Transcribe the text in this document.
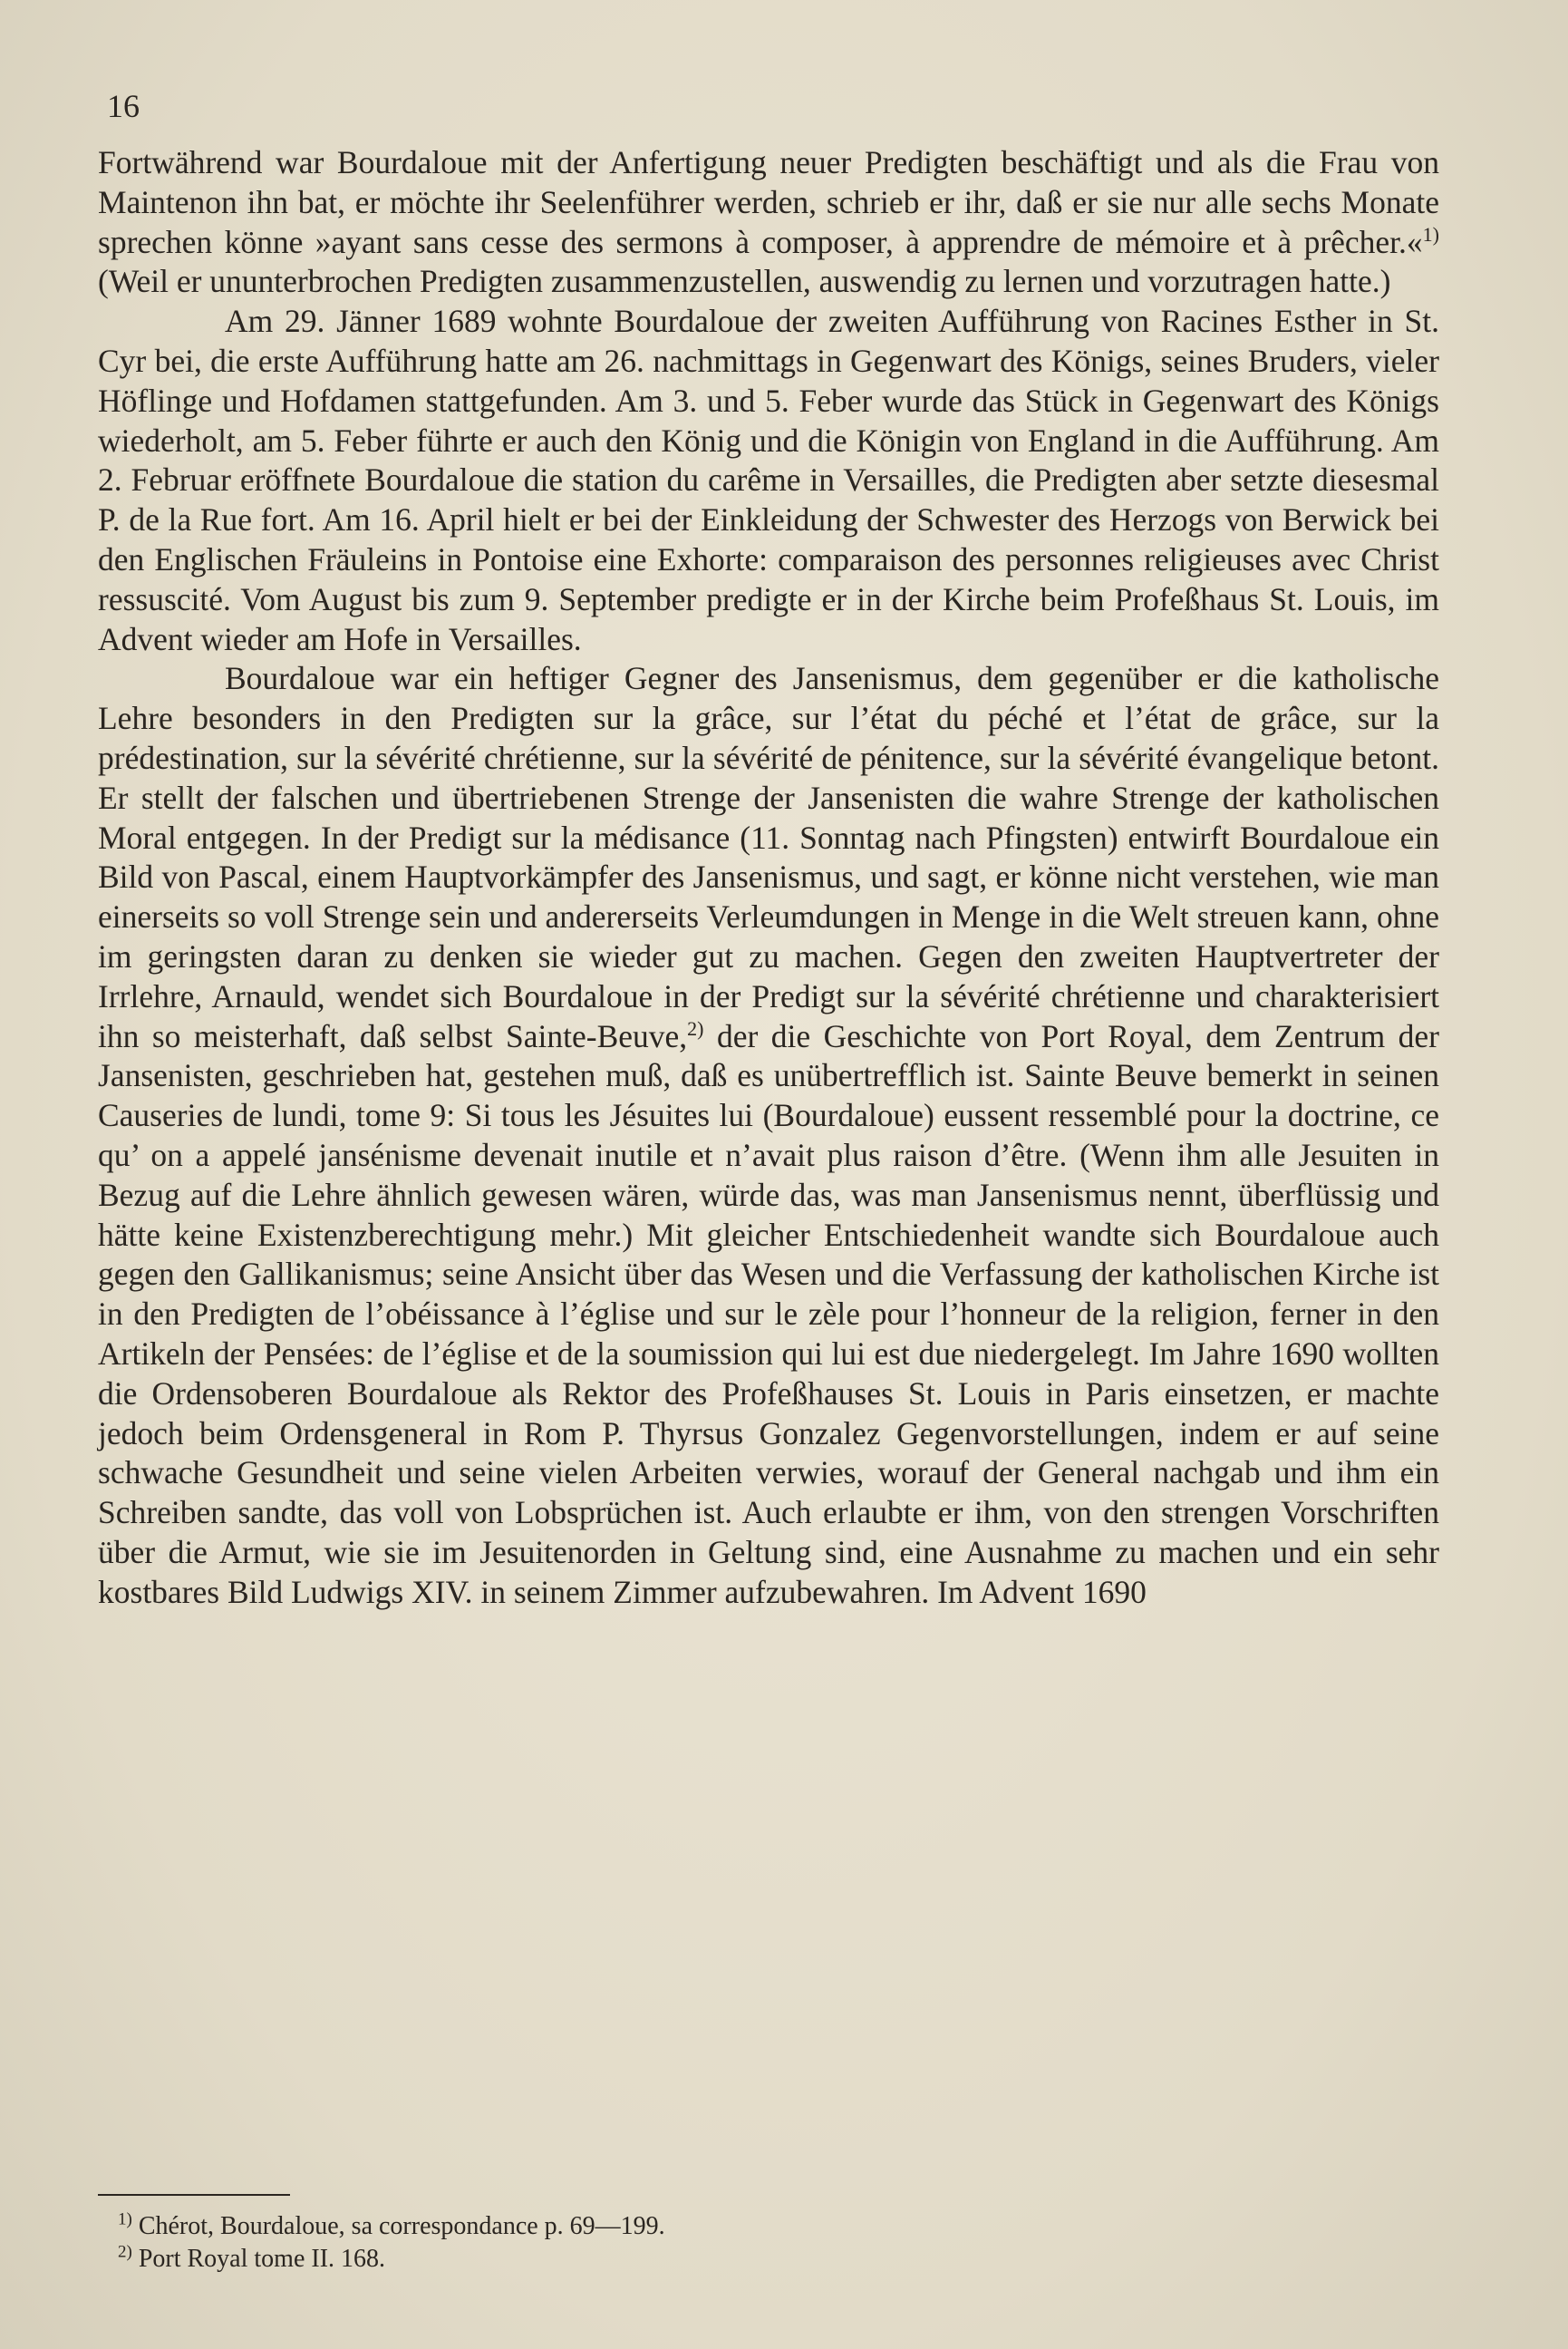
16

Fortwährend war Bourdaloue mit der Anfertigung neuer Predigten beschäftigt und als die Frau von Maintenon ihn bat, er möchte ihr Seelenführer werden, schrieb er ihr, daß er sie nur alle sechs Monate sprechen könne »ayant sans cesse des sermons à composer, à apprendre de mémoire et à prêcher.«$^{1)}$ (Weil er ununterbrochen Predigten zusammenzustellen, auswendig zu lernen und vorzutragen hatte.)

Am 29. Jänner 1689 wohnte Bourdaloue der zweiten Aufführung von Racines Esther in St. Cyr bei, die erste Aufführung hatte am 26. nachmittags in Gegenwart des Königs, seines Bruders, vieler Höflinge und Hofdamen stattgefunden. Am 3. und 5. Feber wurde das Stück in Gegenwart des Königs wiederholt, am 5. Feber führte er auch den König und die Königin von England in die Aufführung. Am 2. Februar eröffnete Bourdaloue die station du carême in Versailles, die Predigten aber setzte diesesmal P. de la Rue fort. Am 16. April hielt er bei der Einkleidung der Schwester des Herzogs von Berwick bei den Englischen Fräuleins in Pontoise eine Exhorte: comparaison des personnes religieuses avec Christ ressuscité. Vom August bis zum 9. September predigte er in der Kirche beim Profeßhaus St. Louis, im Advent wieder am Hofe in Versailles.

Bourdaloue war ein heftiger Gegner des Jansenismus, dem gegenüber er die katholische Lehre besonders in den Predigten sur la grâce, sur l’état du péché et l’état de grâce, sur la prédestination, sur la sévérité chrétienne, sur la sévérité de pénitence, sur la sévérité évangelique betont. Er stellt der falschen und übertriebenen Strenge der Jansenisten die wahre Strenge der katholischen Moral entgegen. In der Predigt sur la médisance (11. Sonntag nach Pfingsten) entwirft Bourdaloue ein Bild von Pascal, einem Hauptvorkämpfer des Jansenismus, und sagt, er könne nicht verstehen, wie man einerseits so voll Strenge sein und andererseits Verleumdungen in Menge in die Welt streuen kann, ohne im geringsten daran zu denken sie wieder gut zu machen. Gegen den zweiten Hauptvertreter der Irrlehre, Arnauld, wendet sich Bourdaloue in der Predigt sur la sévérité chrétienne und charakterisiert ihn so meisterhaft, daß selbst Sainte-Beuve,$^{2)}$ der die Geschichte von Port Royal, dem Zentrum der Jansenisten, geschrieben hat, gestehen muß, daß es unübertrefflich ist. Sainte Beuve bemerkt in seinen Causeries de lundi, tome 9: Si tous les Jésuites lui (Bourdaloue) eussent ressemblé pour la doctrine, ce qu’ on a appelé jansénisme devenait inutile et n’avait plus raison d’être. (Wenn ihm alle Jesuiten in Bezug auf die Lehre ähnlich gewesen wären, würde das, was man Jansenismus nennt, überflüssig und hätte keine Existenzberechtigung mehr.) Mit gleicher Entschiedenheit wandte sich Bourdaloue auch gegen den Gallikanismus; seine Ansicht über das Wesen und die Verfassung der katholischen Kirche ist in den Predigten de l’obéissance à l’église und sur le zèle pour l’honneur de la religion, ferner in den Artikeln der Pensées: de l’église et de la soumission qui lui est due niedergelegt. Im Jahre 1690 wollten die Ordensoberen Bourdaloue als Rektor des Profeßhauses St. Louis in Paris einsetzen, er machte jedoch beim Ordensgeneral in Rom P. Thyrsus Gonzalez Gegenvorstellungen, indem er auf seine schwache Gesundheit und seine vielen Arbeiten verwies, worauf der General nachgab und ihm ein Schreiben sandte, das voll von Lobsprüchen ist. Auch erlaubte er ihm, von den strengen Vorschriften über die Armut, wie sie im Jesuitenorden in Geltung sind, eine Ausnahme zu machen und ein sehr kostbares Bild Ludwigs XIV. in seinem Zimmer aufzubewahren. Im Advent 1690

$^{1)}$ Chérot, Bourdaloue, sa correspondance p. 69—199.
$^{2)}$ Port Royal tome II. 168.
